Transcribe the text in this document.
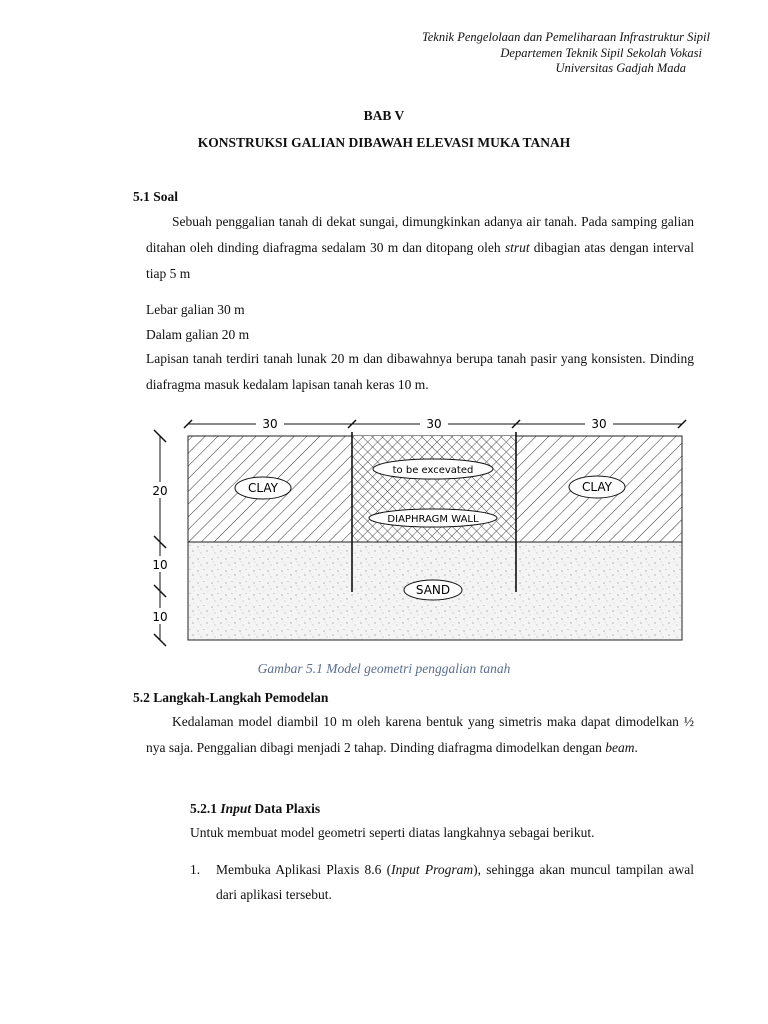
Teknik Pengelolaan dan Pemeliharaan Infrastruktur Sipil
Departemen Teknik Sipil Sekolah Vokasi
Universitas Gadjah Mada
BAB V
KONSTRUKSI GALIAN DIBAWAH ELEVASI MUKA TANAH
5.1 Soal
Sebuah penggalian tanah di dekat sungai, dimungkinkan adanya air tanah. Pada samping galian ditahan oleh dinding diafragma sedalam 30 m dan ditopang oleh strut dibagian atas dengan interval tiap 5 m
Lebar galian 30 m
Dalam galian 20 m
Lapisan tanah terdiri tanah lunak 20 m dan dibawahnya berupa tanah pasir yang konsisten. Dinding diafragma masuk kedalam lapisan tanah keras 10 m.
30	30	30
20
10
10
CLAY	CLAY
to be excevated
DIAPHRAGM WALL
SAND
Gambar 5.1 Model geometri penggalian tanah
5.2 Langkah-Langkah Pemodelan
Kedalaman model diambil 10 m oleh karena bentuk yang simetris maka dapat dimodelkan ½ nya saja. Penggalian dibagi menjadi 2 tahap. Dinding diafragma dimodelkan dengan beam.
5.2.1 Input Data Plaxis
Untuk membuat model geometri seperti diatas langkahnya sebagai berikut.
1. Membuka Aplikasi Plaxis 8.6 (Input Program), sehingga akan muncul tampilan awal dari aplikasi tersebut.
